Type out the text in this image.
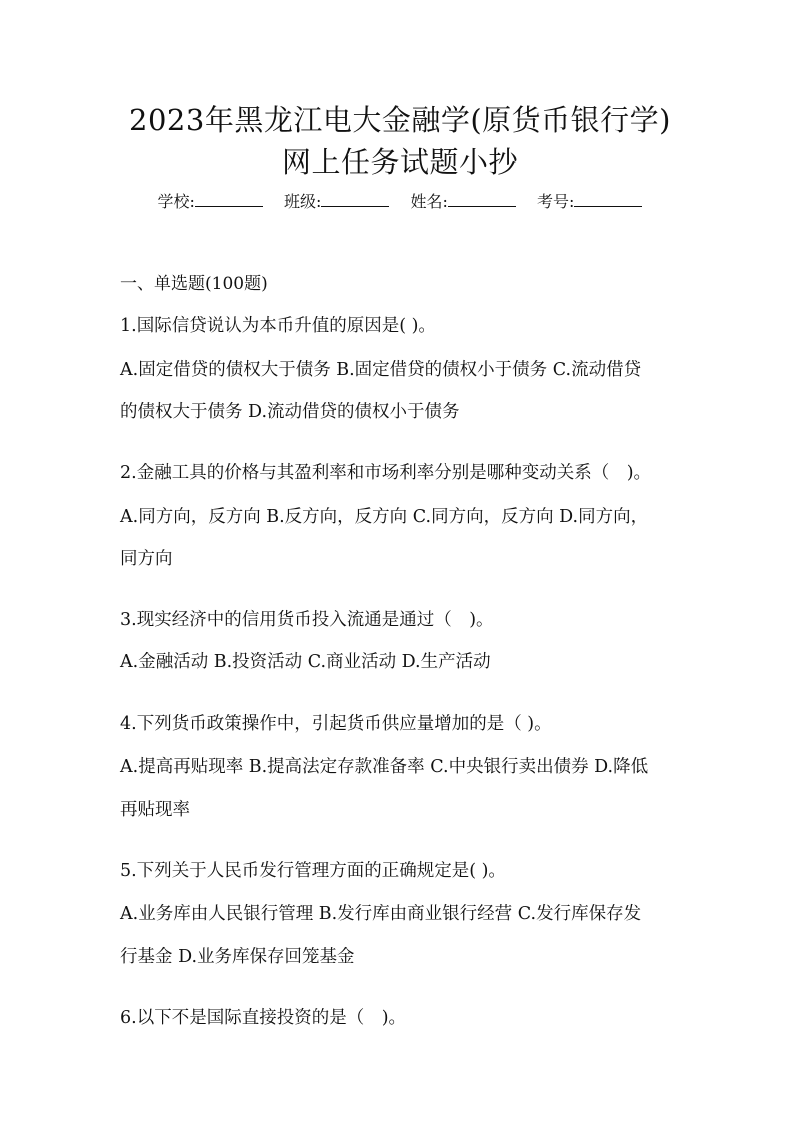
2023年黑龙江电大金融学(原货币银行学)
网上任务试题小抄
学校:	班级:	姓名:	考号:
一、单选题(100题)
1.国际信贷说认为本币升值的原因是( )。
A.固定借贷的债权大于债务 B.固定借贷的债权小于债务 C.流动借贷
的债权大于债务 D.流动借贷的债权小于债务
2.金融工具的价格与其盈利率和市场利率分别是哪种变动关系（　)。
A.同方向，反方向 B.反方向，反方向 C.同方向，反方向 D.同方向，
同方向
3.现实经济中的信用货币投入流通是通过（　)。
A.金融活动 B.投资活动 C.商业活动 D.生产活动
4.下列货币政策操作中，引起货币供应量增加的是（ )。
A.提高再贴现率 B.提高法定存款准备率 C.中央银行卖出债券 D.降低
再贴现率
5.下列关于人民币发行管理方面的正确规定是( )。
A.业务库由人民银行管理 B.发行库由商业银行经营 C.发行库保存发
行基金 D.业务库保存回笼基金
6.以下不是国际直接投资的是（　)。
